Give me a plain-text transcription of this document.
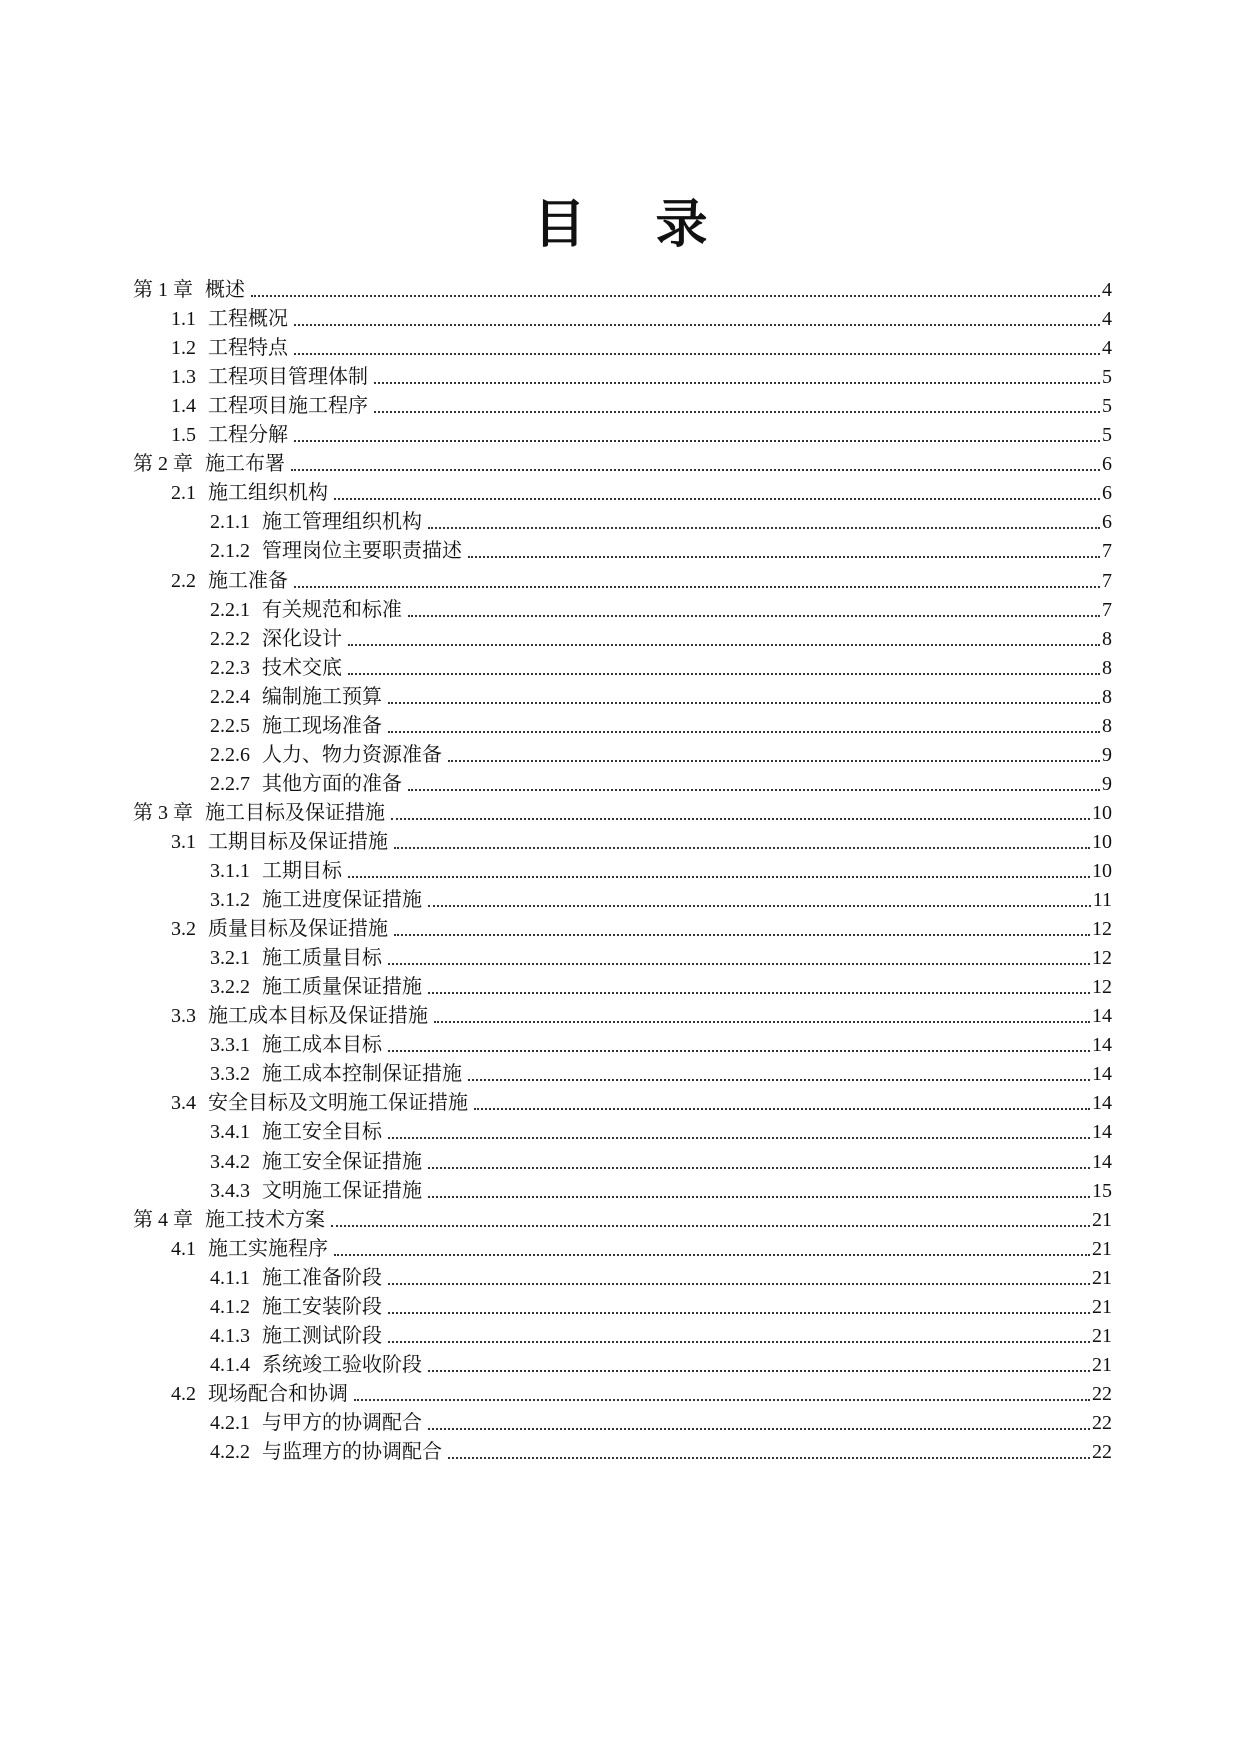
目 录
第 1 章 概述	4
1.1 工程概况	4
1.2 工程特点	4
1.3 工程项目管理体制	5
1.4 工程项目施工程序	5
1.5 工程分解	5
第 2 章 施工布署	6
2.1 施工组织机构	6
2.1.1 施工管理组织机构	6
2.1.2 管理岗位主要职责描述	7
2.2 施工准备	7
2.2.1 有关规范和标准	7
2.2.2 深化设计	8
2.2.3 技术交底	8
2.2.4 编制施工预算	8
2.2.5 施工现场准备	8
2.2.6 人力、物力资源准备	9
2.2.7 其他方面的准备	9
第 3 章 施工目标及保证措施	10
3.1 工期目标及保证措施	10
3.1.1 工期目标	10
3.1.2 施工进度保证措施	11
3.2 质量目标及保证措施	12
3.2.1 施工质量目标	12
3.2.2 施工质量保证措施	12
3.3 施工成本目标及保证措施	14
3.3.1 施工成本目标	14
3.3.2 施工成本控制保证措施	14
3.4 安全目标及文明施工保证措施	14
3.4.1 施工安全目标	14
3.4.2 施工安全保证措施	14
3.4.3 文明施工保证措施	15
第 4 章 施工技术方案	21
4.1 施工实施程序	21
4.1.1 施工准备阶段	21
4.1.2 施工安装阶段	21
4.1.3 施工测试阶段	21
4.1.4 系统竣工验收阶段	21
4.2 现场配合和协调	22
4.2.1 与甲方的协调配合	22
4.2.2 与监理方的协调配合	22
